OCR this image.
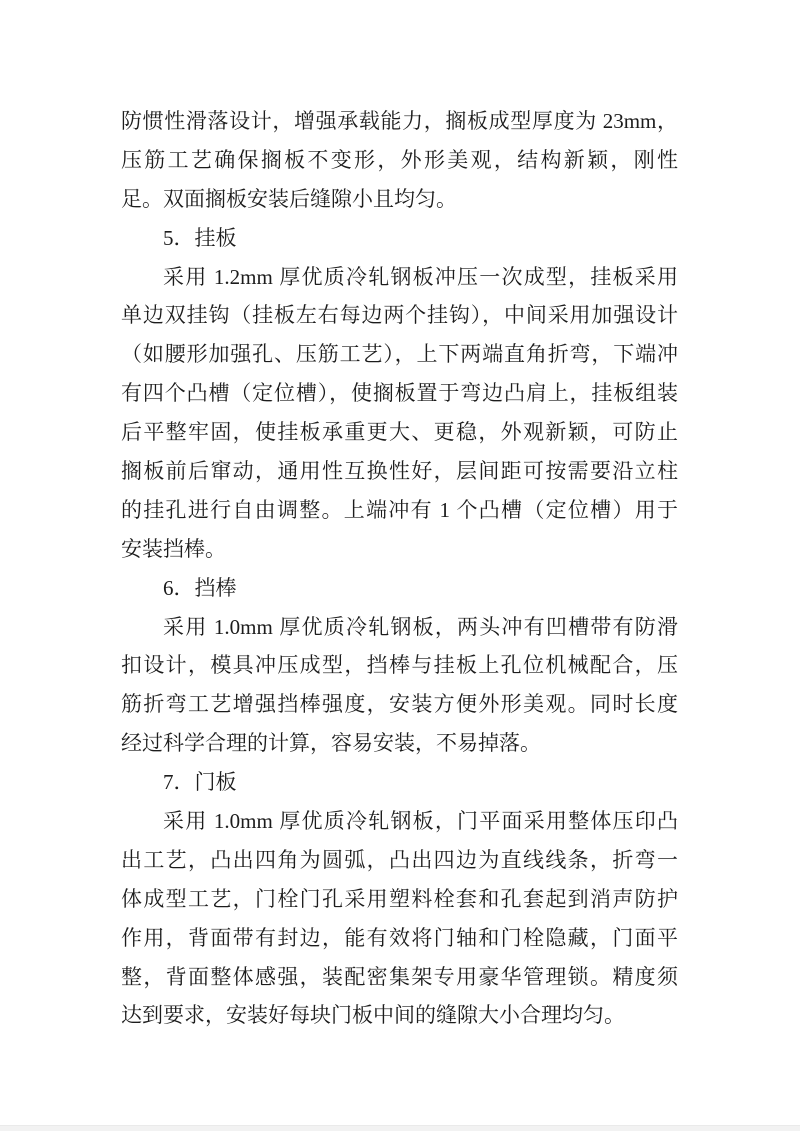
防惯性滑落设计，增强承载能力，搁板成型厚度为 23mm，
压筋工艺确保搁板不变形，外形美观，结构新颖，刚性
足。双面搁板安装后缝隙小且均匀。
5．挂板
采用 1.2mm 厚优质冷轧钢板冲压一次成型，挂板采用
单边双挂钩（挂板左右每边两个挂钩），中间采用加强设计
（如腰形加强孔、压筋工艺），上下两端直角折弯，下端冲
有四个凸槽（定位槽），使搁板置于弯边凸肩上，挂板组装
后平整牢固，使挂板承重更大、更稳，外观新颖，可防止
搁板前后窜动，通用性互换性好，层间距可按需要沿立柱
的挂孔进行自由调整。上端冲有 1 个凸槽（定位槽）用于
安装挡棒。
6．挡棒
采用 1.0mm 厚优质冷轧钢板，两头冲有凹槽带有防滑
扣设计，模具冲压成型，挡棒与挂板上孔位机械配合，压
筋折弯工艺增强挡棒强度，安装方便外形美观。同时长度
经过科学合理的计算，容易安装，不易掉落。
7．门板
采用 1.0mm 厚优质冷轧钢板，门平面采用整体压印凸
出工艺，凸出四角为圆弧，凸出四边为直线线条，折弯一
体成型工艺，门栓门孔采用塑料栓套和孔套起到消声防护
作用，背面带有封边，能有效将门轴和门栓隐藏，门面平
整，背面整体感强，装配密集架专用豪华管理锁。精度须
达到要求，安装好每块门板中间的缝隙大小合理均匀。
